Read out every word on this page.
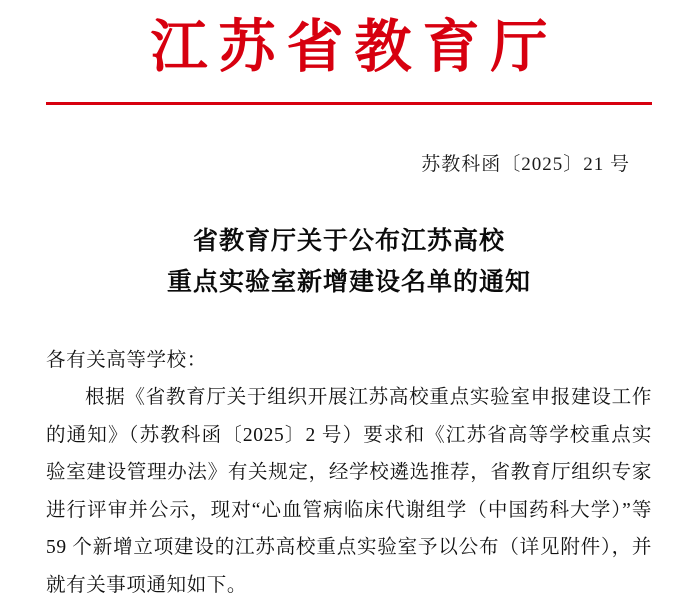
江苏省教育厅
苏教科函〔2025〕21 号
省教育厅关于公布江苏高校
重点实验室新增建设名单的通知

各有关高等学校：

根据《省教育厅关于组织开展江苏高校重点实验室申报建设工作的通知》（苏教科函〔2025〕2 号）要求和《江苏省高等学校重点实验室建设管理办法》有关规定，经学校遴选推荐，省教育厅组织专家进行评审并公示，现对“心血管病临床代谢组学（中国药科大学）”等 59 个新增立项建设的江苏高校重点实验室予以公布（详见附件），并就有关事项通知如下。
